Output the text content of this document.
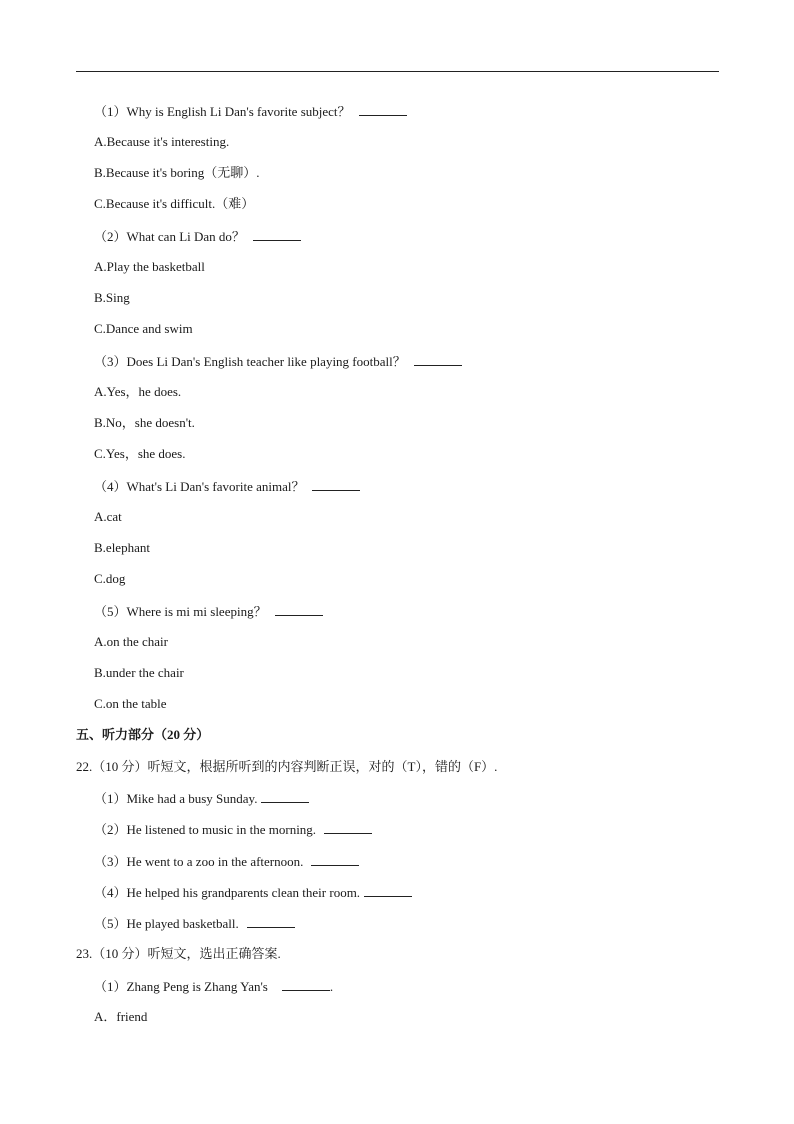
（1）Why is English Li Dan's favorite subject？
A.Because it's interesting.
B.Because it's boring（无聊）.
C.Because it's difficult.（难）
（2）What can Li Dan do？
A.Play the basketball
B.Sing
C.Dance and swim
（3）Does Li Dan's English teacher like playing football？
A.Yes，he does.
B.No，she doesn't.
C.Yes，she does.
（4）What's Li Dan's favorite animal？
A.cat
B.elephant
C.dog
（5）Where is mi mi sleeping？
A.on the chair
B.under the chair
C.on the table
五、听力部分（20 分）
22.（10 分）听短文，根据所听到的内容判断正误，对的（T），错的（F）.
（1）Mike had a busy Sunday.
（2）He listened to music in the morning.
（3）He went to a zoo in the afternoon.
（4）He helped his grandparents clean their room.
（5）He played basketball.
23.（10 分）听短文，选出正确答案.
（1）Zhang Peng is Zhang Yan's	.
A．friend
